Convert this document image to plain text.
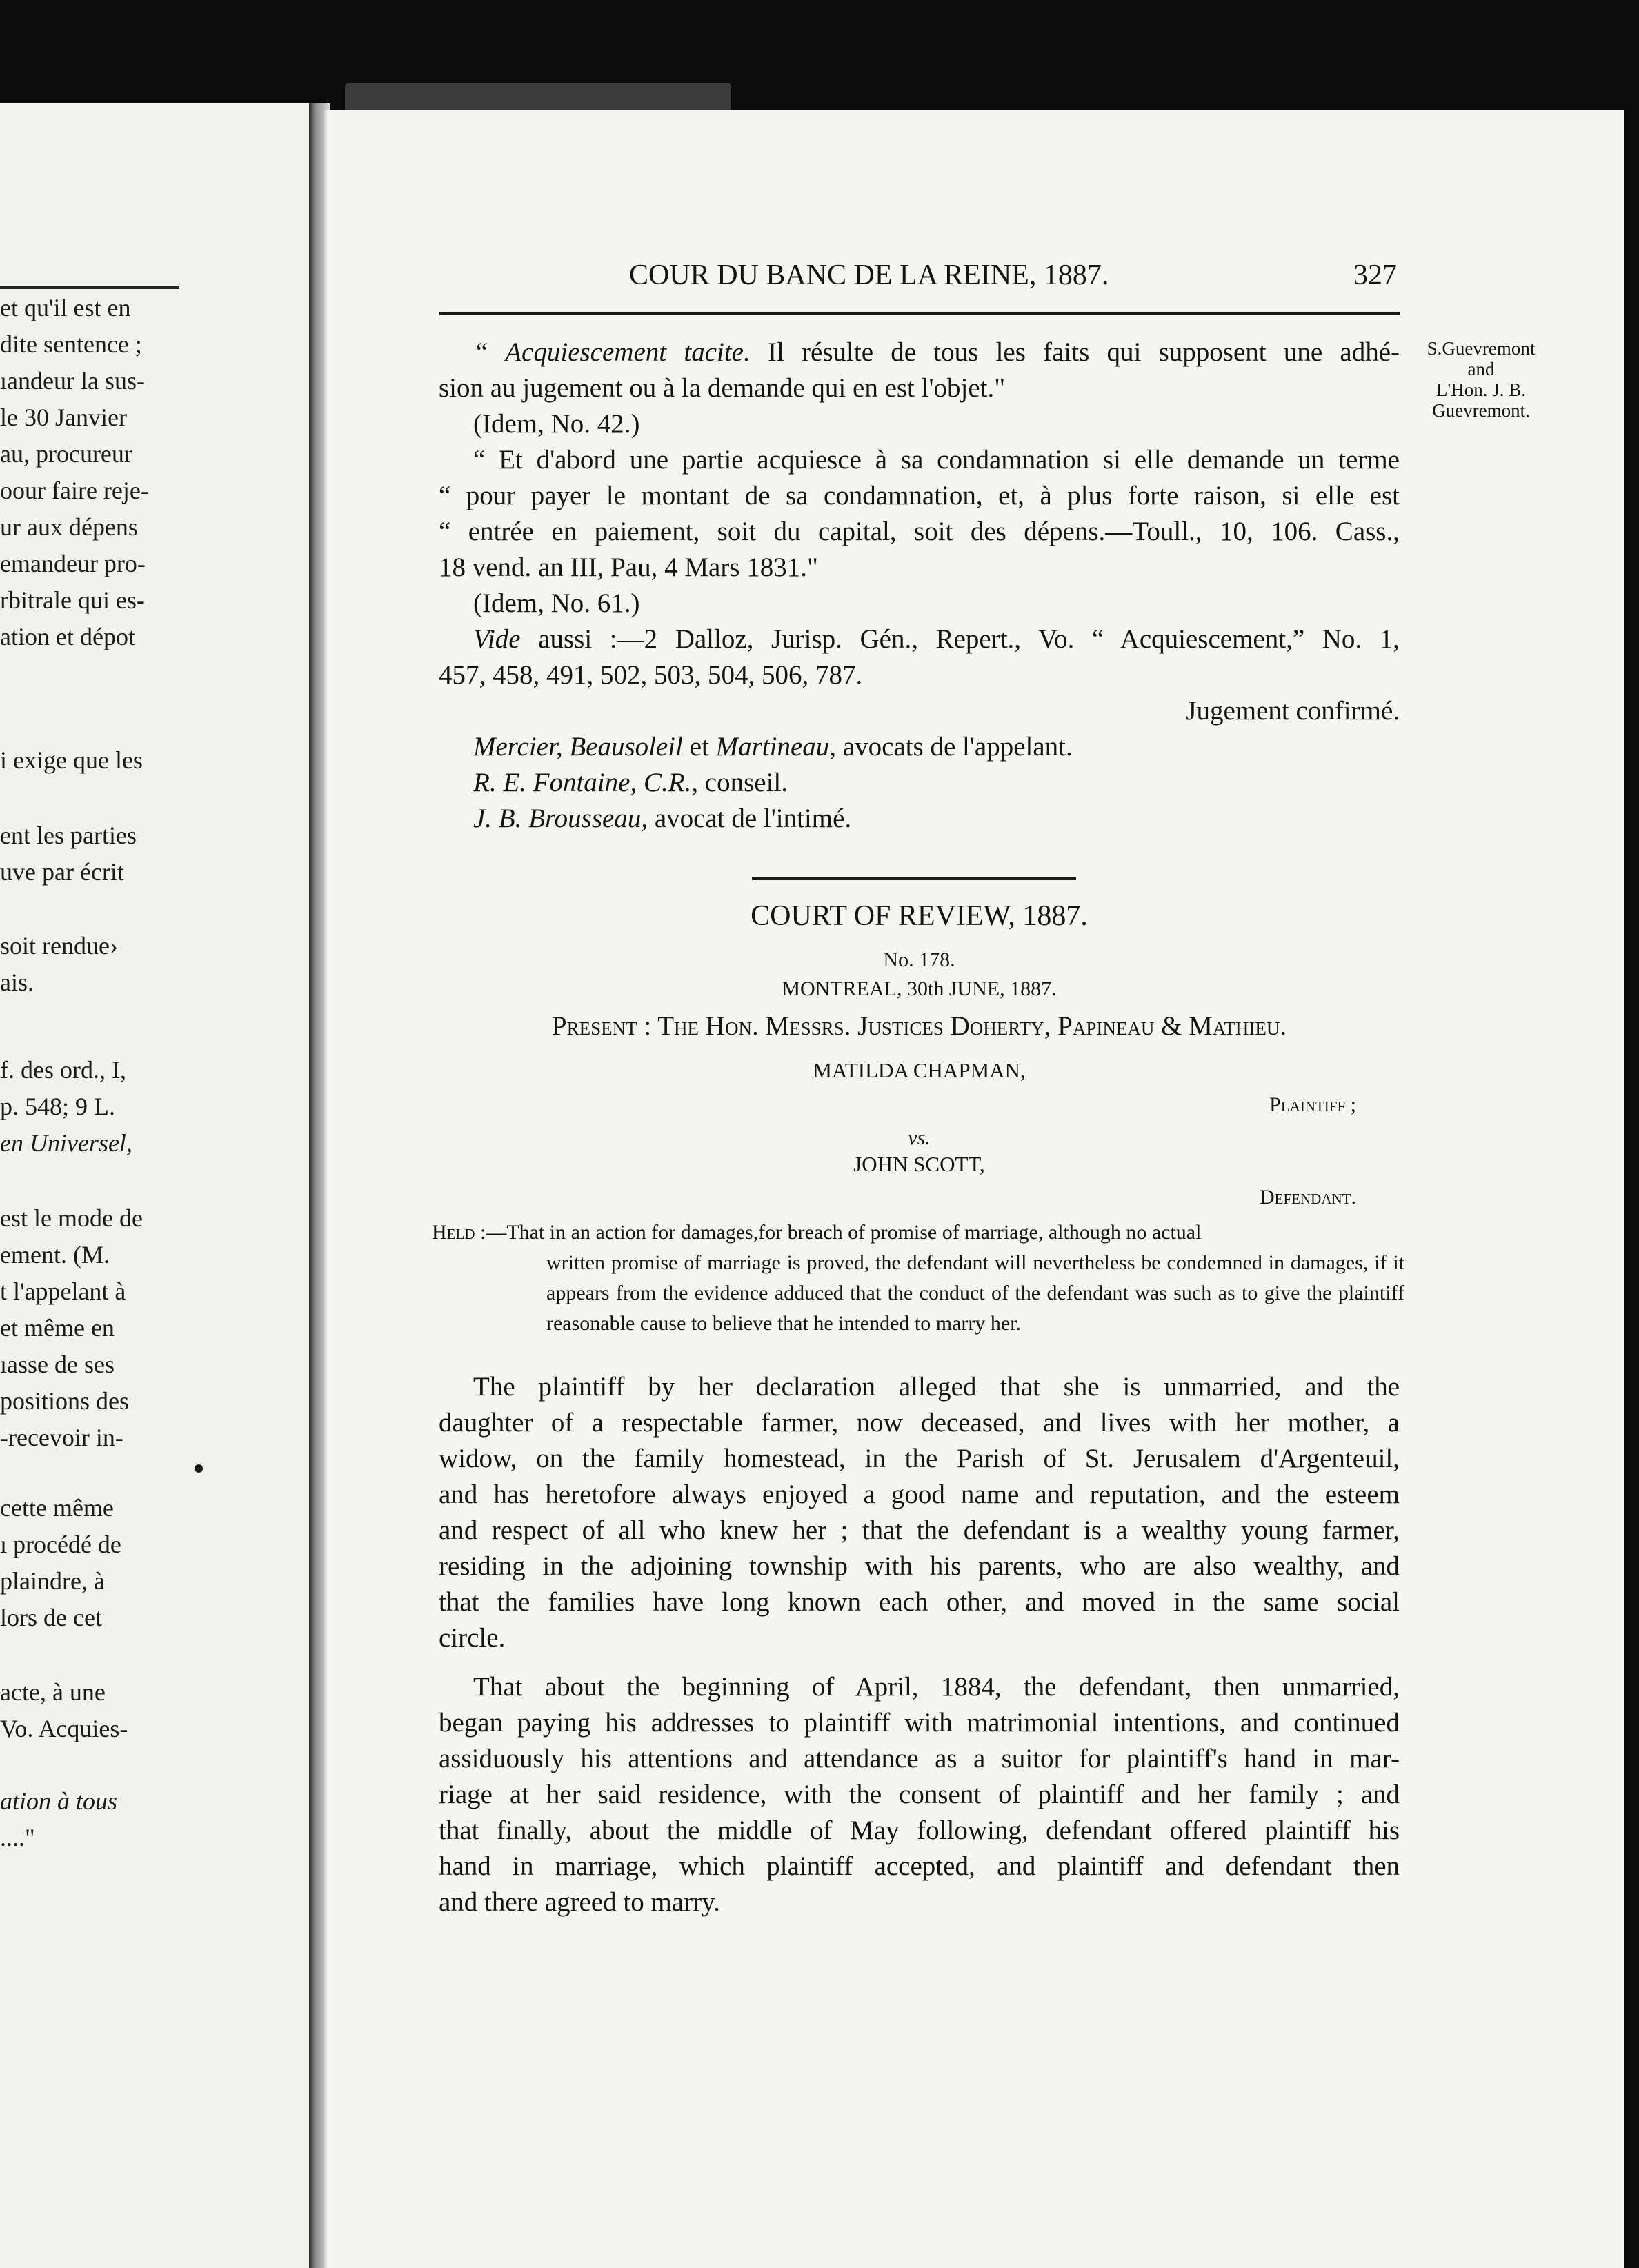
et qu'il est en
dite sentence ;
ıandeur la sus-
le 30 Janvier
au, procureur
oour faire reje-
ur aux dépens
emandeur pro-
rbitrale qui es-
ation et dépot
i exige que les
ent les parties
uve par écrit
soit rendue›
ais.
f. des ord., I,
p. 548; 9 L.
en Universel,
est le mode de
ement. (M.
t l'appelant à
et même en
ıasse de ses
positions des
-recevoir in-
cette même
ı procédé de
plaindre, à
lors de cet
acte, à une
Vo. Acquies-
ation à tous
...."
COUR DU BANC DE LA REINE, 1887.	327
S.Guevremont
and
L'Hon. J. B.
Guevremont.

“ Acquiescement tacite. Il résulte de tous les faits qui supposent une adhé-

sion au jugement ou à la demande qui en est l'objet."

(Idem, No. 42.)

“ Et d'abord une partie acquiesce à sa condamnation si elle demande un terme

“ pour payer le montant de sa condamnation, et, à plus forte raison, si elle est

“ entrée en paiement, soit du capital, soit des dépens.—Toull., 10, 106. Cass.,

18 vend. an III, Pau, 4 Mars 1831."

(Idem, No. 61.)

Vide aussi :—2 Dalloz, Jurisp. Gén., Repert., Vo. “ Acquiescement,” No. 1,

457, 458, 491, 502, 503, 504, 506, 787.

Jugement confirmé.

Mercier, Beausoleil et Martineau, avocats de l'appelant.

R. E. Fontaine, C.R., conseil.

J. B. Brousseau, avocat de l'intimé.

COURT OF REVIEW, 1887.
No. 178.
MONTREAL, 30th JUNE, 1887.
Present : The Hon. Messrs. Justices Doherty, Papineau & Mathieu.
MATILDA CHAPMAN,
Plaintiff ;
vs.
JOHN SCOTT,
Defendant.
Held :—That in an action for damages,for breach of promise of marriage, although no actual
written promise of marriage is proved, the defendant will nevertheless be condemned in damages, if it appears from the evidence adduced that the conduct of the defendant was such as to give the plaintiff reasonable cause to believe that he intended to marry her.

The plaintiff by her declaration alleged that she is unmarried, and the

daughter of a respectable farmer, now deceased, and lives with her mother, a

widow, on the family homestead, in the Parish of St. Jerusalem d'Argenteuil,

and has heretofore always enjoyed a good name and reputation, and the esteem

and respect of all who knew her ; that the defendant is a wealthy young farmer,

residing in the adjoining township with his parents, who are also wealthy, and

that the families have long known each other, and moved in the same social

circle.

That about the beginning of April, 1884, the defendant, then unmarried,

began paying his addresses to plaintiff with matrimonial intentions, and continued

assiduously his attentions and attendance as a suitor for plaintiff's hand in mar-

riage at her said residence, with the consent of plaintiff and her family ; and

that finally, about the middle of May following, defendant offered plaintiff his

hand in marriage, which plaintiff accepted, and plaintiff and defendant then

and there agreed to marry.
